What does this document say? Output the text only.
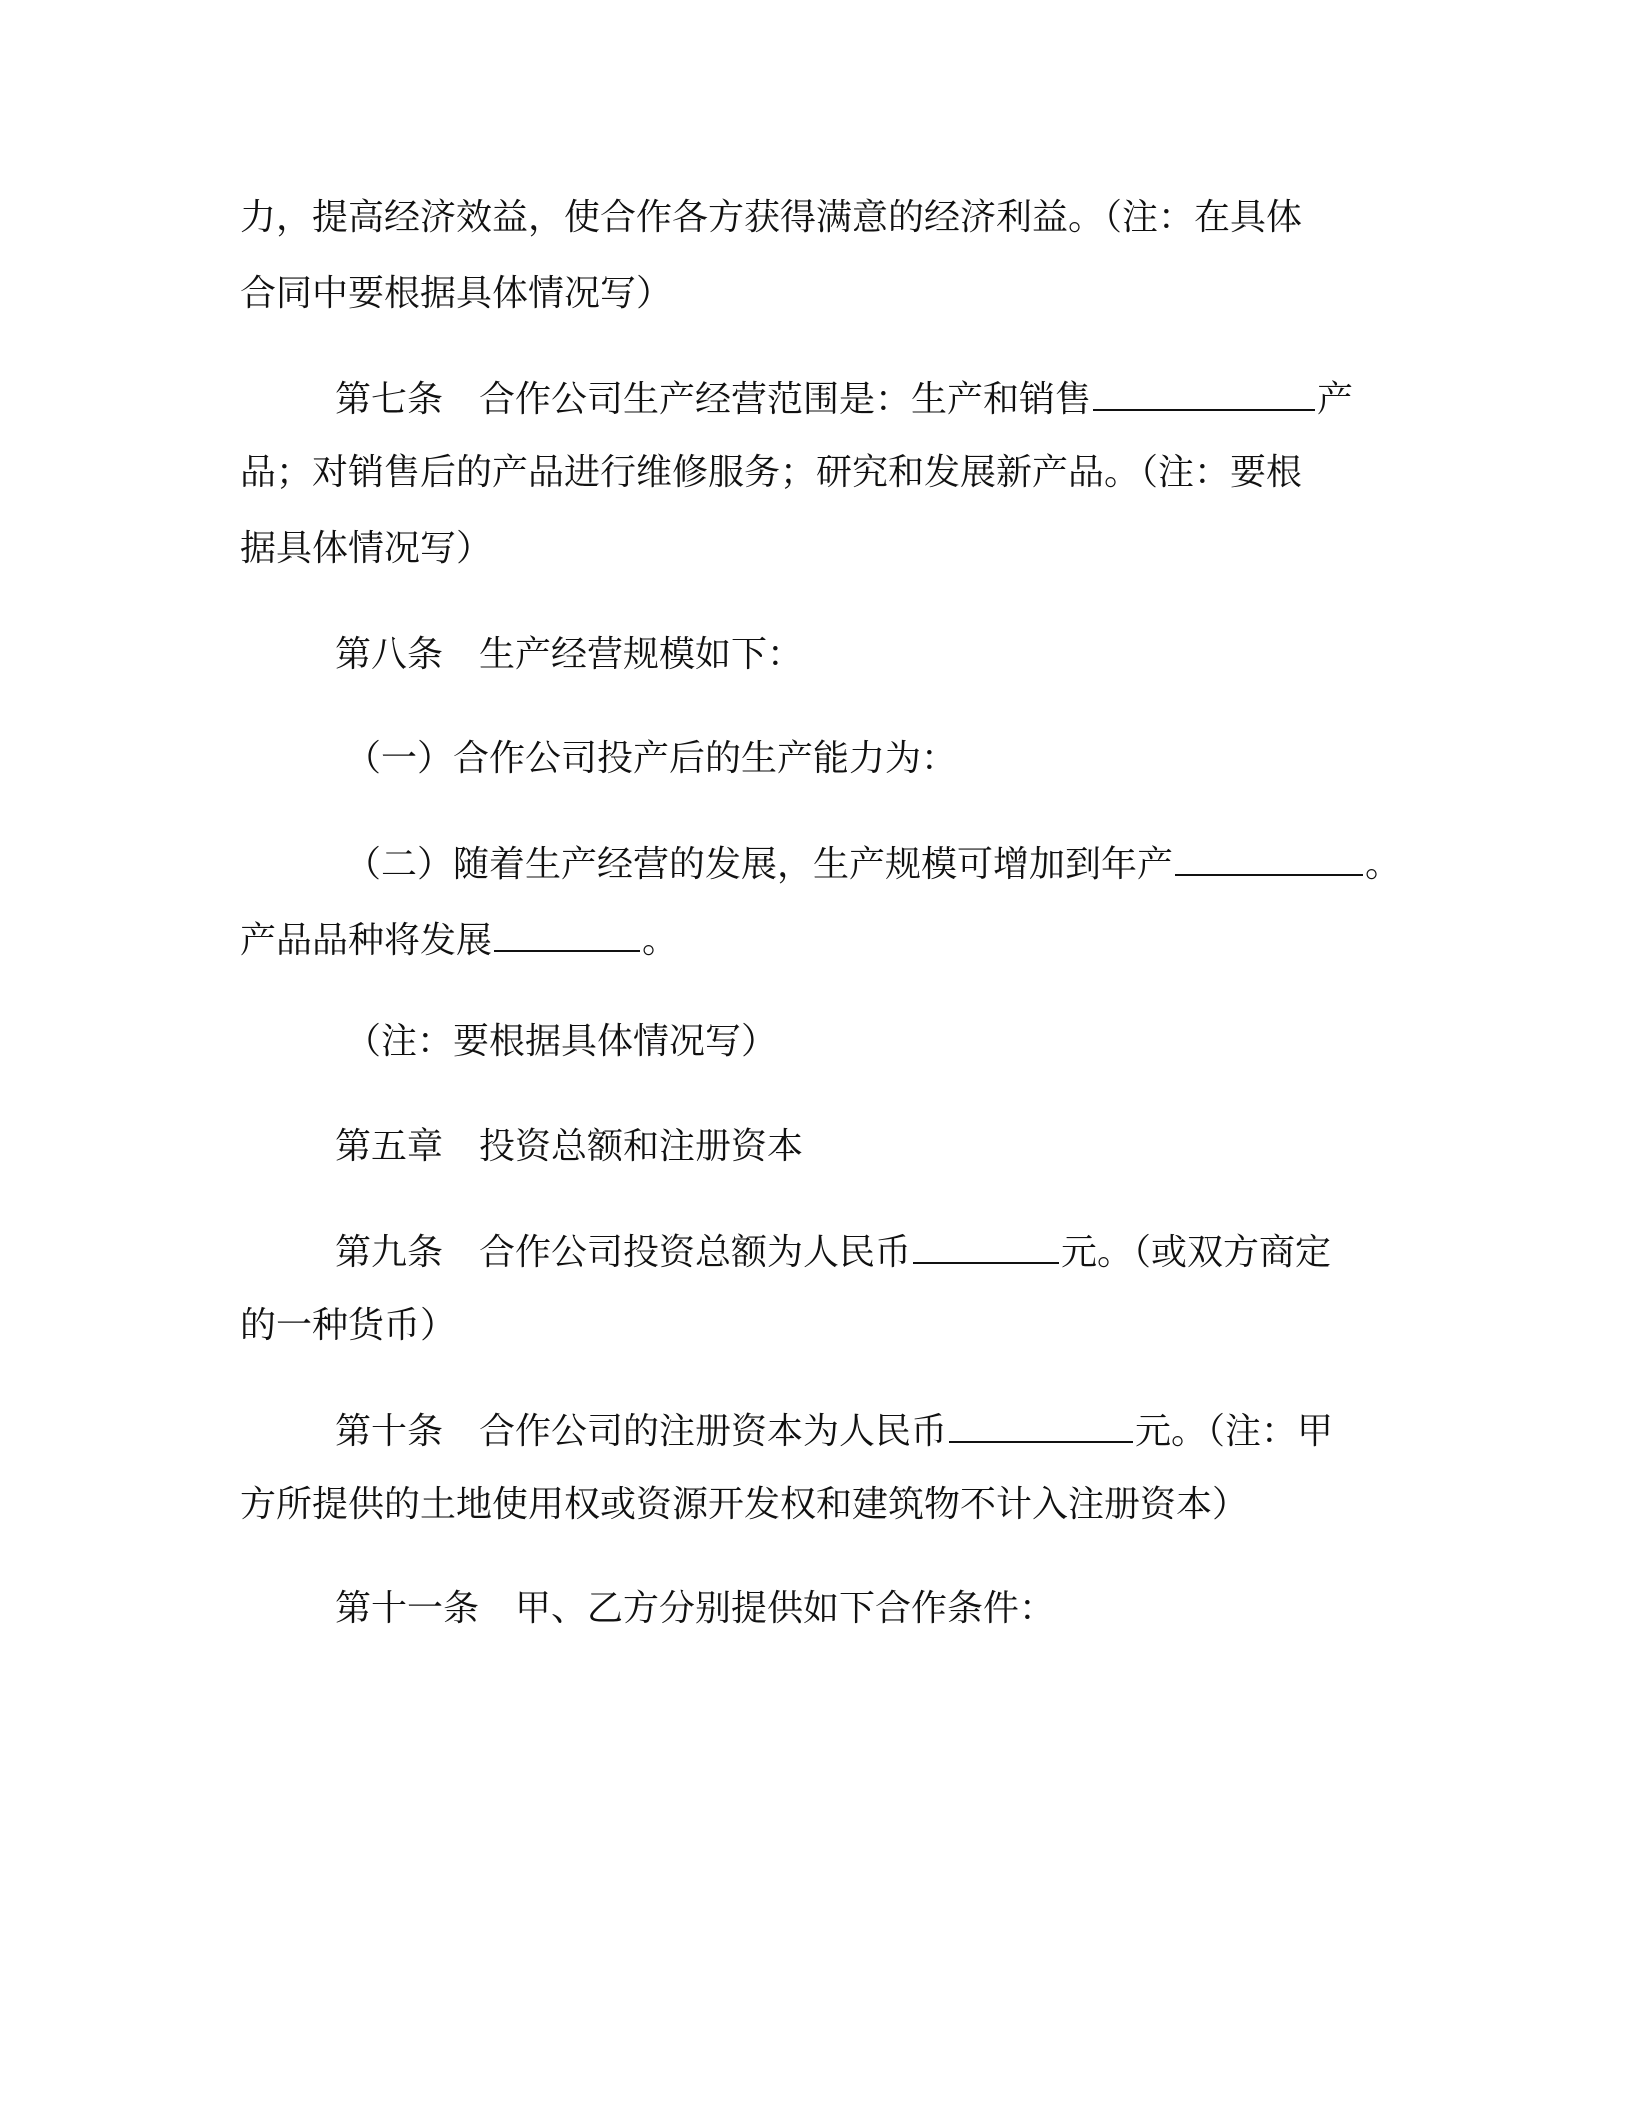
力，提高经济效益，使合作各方获得满意的经济利益。（注：在具体
合同中要根据具体情况写）
第七条　合作公司生产经营范围是：生产和销售	产
品；对销售后的产品进行维修服务；研究和发展新产品。（注：要根
据具体情况写）
第八条　生产经营规模如下：
（一）合作公司投产后的生产能力为：
（二）随着生产经营的发展，生产规模可增加到年产	。
产品品种将发展	。
（注：要根据具体情况写）
第五章　投资总额和注册资本
第九条　合作公司投资总额为人民币	元。（或双方商定
的一种货币）
第十条　合作公司的注册资本为人民币	元。（注：甲
方所提供的土地使用权或资源开发权和建筑物不计入注册资本）
第十一条　甲、乙方分别提供如下合作条件：
